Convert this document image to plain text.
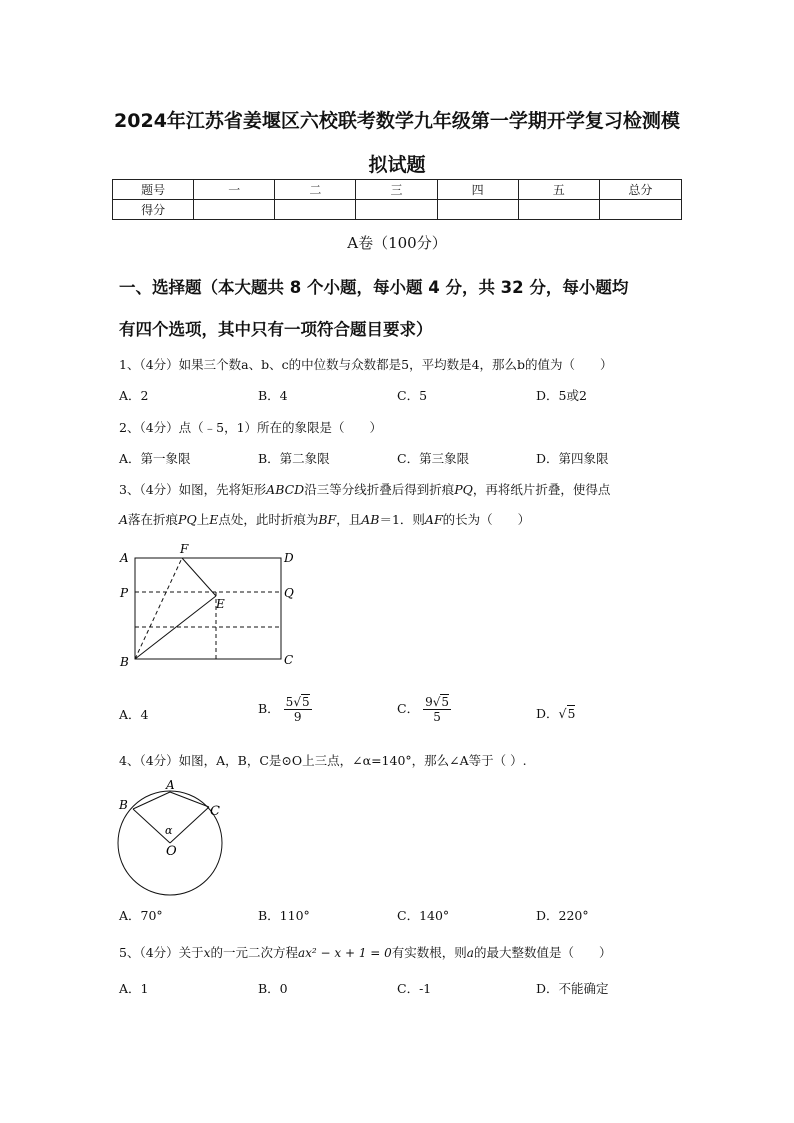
2024年江苏省姜堰区六校联考数学九年级第一学期开学复习检测模
拟试题
题号	一	二	三	四	五	总分
得分						
A卷（100分）
一、选择题（本大题共 8 个小题，每小题 4 分，共 32 分，每小题均
有四个选项，其中只有一项符合题目要求）
1、（4分）如果三个数a、b、c的中位数与众数都是5，平均数是4，那么b的值为（　　）
A．2	B．4	C．5	D．5或2
2、（4分）点（﹣5，1）所在的象限是（　　）
A．第一象限	B．第二象限	C．第三象限	D．第四象限
3、（4分）如图，先将矩形ABCD沿三等分线折叠后得到折痕PQ，再将纸片折叠，使得点
A落在折痕PQ上E点处，此时折痕为BF，且AB＝1．则AF的长为（　　）
A
F
D
P	Q
E
B	C
A．4	B． $\frac{5√5}{9}$	C． $\frac{9√5}{5}$	D．√5
4、（4分）如图，A，B，C是⊙O上三点，∠α=140°，那么∠A等于（ ）.
A
B	C
O
α
A．70°	B．110°	C．140°	D．220°
5、（4分）关于x的一元二次方程ax² − x + 1 = 0有实数根，则a的最大整数值是（　　）
A．1	B．0	C．-1	D．不能确定
